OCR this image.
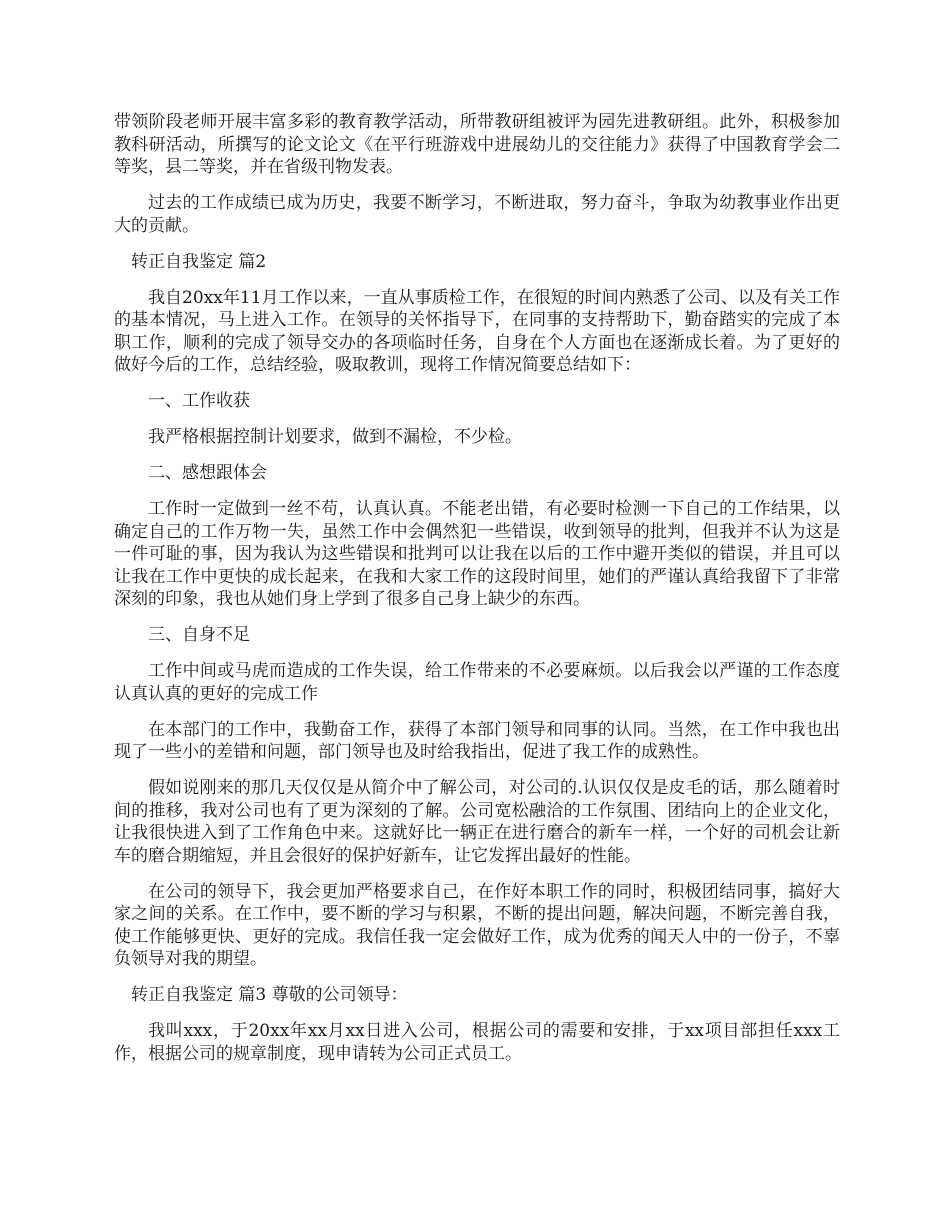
带领阶段老师开展丰富多彩的教育教学活动，所带教研组被评为园先进教研组。此外，积极参加教科研活动，所撰写的论文论文《在平行班游戏中进展幼儿的交往能力》获得了中国教育学会二等奖，县二等奖，并在省级刊物发表。

过去的工作成绩已成为历史，我要不断学习，不断进取，努力奋斗，争取为幼教事业作出更大的贡献。

转正自我鉴定 篇2

我自20xx年11月工作以来，一直从事质检工作，在很短的时间内熟悉了公司、以及有关工作的基本情况，马上进入工作。在领导的关怀指导下，在同事的支持帮助下，勤奋踏实的完成了本职工作，顺利的完成了领导交办的各项临时任务，自身在个人方面也在逐渐成长着。为了更好的做好今后的工作，总结经验，吸取教训，现将工作情况简要总结如下：

一、工作收获

我严格根据控制计划要求，做到不漏检，不少检。

二、感想跟体会

工作时一定做到一丝不苟，认真认真。不能老出错，有必要时检测一下自己的工作结果，以确定自己的工作万物一失，虽然工作中会偶然犯一些错误，收到领导的批判，但我并不认为这是一件可耻的事，因为我认为这些错误和批判可以让我在以后的工作中避开类似的错误，并且可以让我在工作中更快的成长起来，在我和大家工作的这段时间里，她们的严谨认真给我留下了非常深刻的印象，我也从她们身上学到了很多自己身上缺少的东西。

三、自身不足

工作中间或马虎而造成的工作失误，给工作带来的不必要麻烦。以后我会以严谨的工作态度认真认真的更好的完成工作

在本部门的工作中，我勤奋工作，获得了本部门领导和同事的认同。当然，在工作中我也出现了一些小的差错和问题，部门领导也及时给我指出，促进了我工作的成熟性。

假如说刚来的那几天仅仅是从简介中了解公司，对公司的.认识仅仅是皮毛的话，那么随着时间的推移，我对公司也有了更为深刻的了解。公司宽松融洽的工作氛围、团结向上的企业文化，让我很快进入到了工作角色中来。这就好比一辆正在进行磨合的新车一样，一个好的司机会让新车的磨合期缩短，并且会很好的保护好新车，让它发挥出最好的性能。

在公司的领导下，我会更加严格要求自己，在作好本职工作的同时，积极团结同事，搞好大家之间的关系。在工作中，要不断的学习与积累，不断的提出问题，解决问题，不断完善自我，使工作能够更快、更好的完成。我信任我一定会做好工作，成为优秀的闻天人中的一份子，不辜负领导对我的期望。

转正自我鉴定 篇3 尊敬的公司领导：

我叫xxx，于20xx年xx月xx日进入公司，根据公司的需要和安排，于xx项目部担任xxx工作，根据公司的规章制度，现申请转为公司正式员工。
